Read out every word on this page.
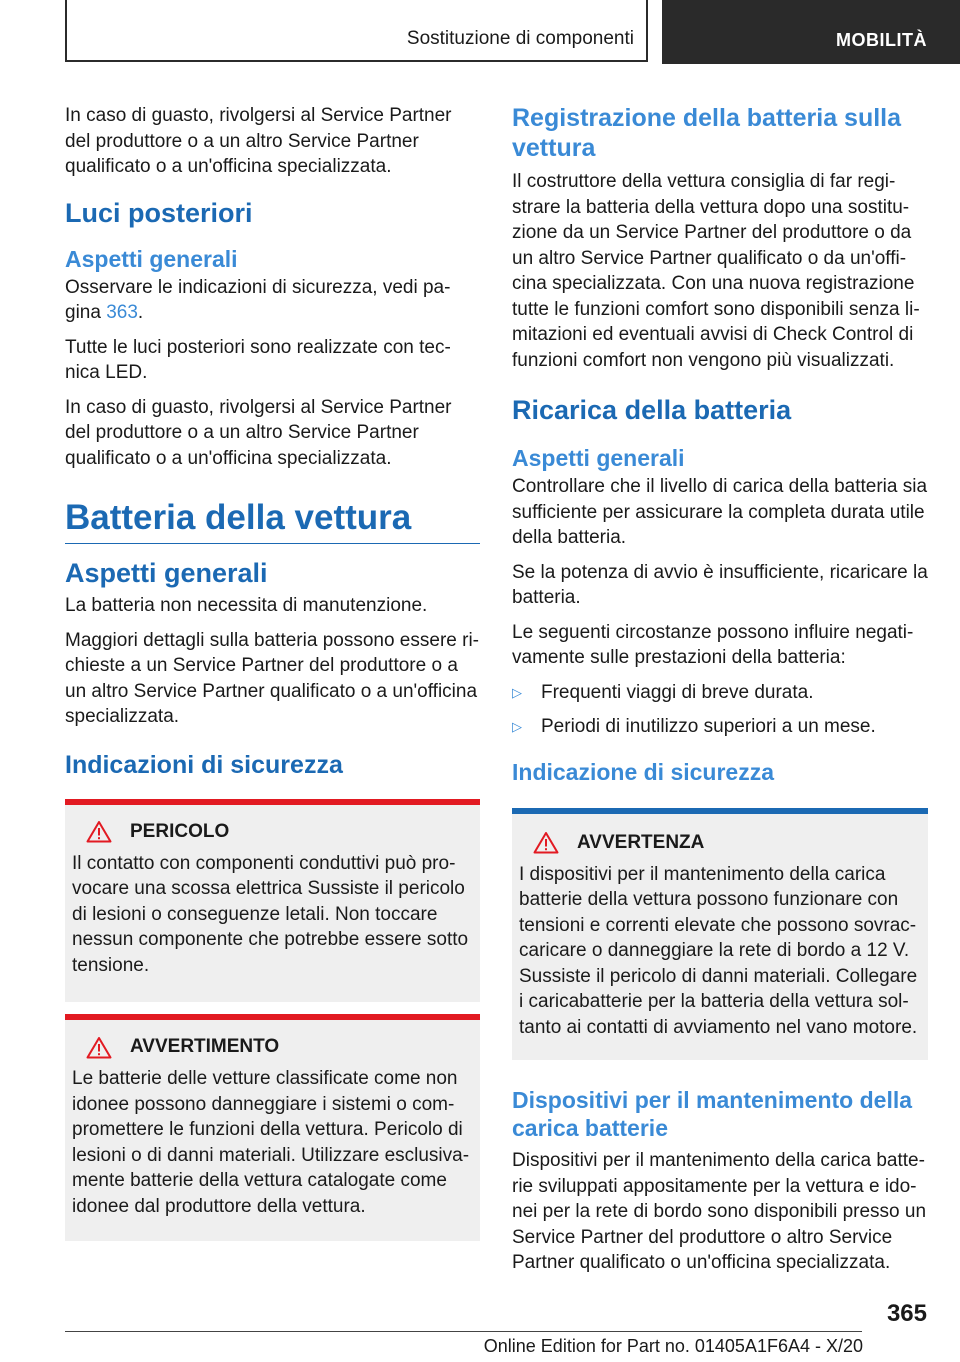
Sostituzione di componenti	MOBILITÀ

In caso di guasto, rivolgersi al Service Partner del produttore o a un altro Service Partner qualificato o a un'officina specializzata.

Luci posteriori
Aspetti generali

Osservare le indicazioni di sicurezza, vedi pa-gina 363.

Tutte le luci posteriori sono realizzate con tec-nica LED.

In caso di guasto, rivolgersi al Service Partner del produttore o a un altro Service Partner qualificato o a un'officina specializzata.

Batteria della vettura
Aspetti generali

La batteria non necessita di manutenzione.

Maggiori dettagli sulla batteria possono essere ri-chieste a un Service Partner del produttore o a un altro Service Partner qualificato o a un'officina specializzata.

Indicazioni di sicurezza
PERICOLO

Il contatto con componenti conduttivi può pro-vocare una scossa elettrica Sussiste il pericolo di lesioni o conseguenze letali. Non toccare nessun componente che potrebbe essere sotto tensione.

AVVERTIMENTO

Le batterie delle vetture classificate come non idonee possono danneggiare i sistemi o com-promettere le funzioni della vettura. Pericolo di lesioni o di danni materiali. Utilizzare esclusiva-mente batterie della vettura catalogate come idonee dal produttore della vettura.

Registrazione della batteria sulla vettura

Il costruttore della vettura consiglia di far regi-strare la batteria della vettura dopo una sostitu-zione da un Service Partner del produttore o da un altro Service Partner qualificato o da un'offi-cina specializzata. Con una nuova registrazione tutte le funzioni comfort sono disponibili senza li-mitazioni ed eventuali avvisi di Check Control di funzioni comfort non vengono più visualizzati.

Ricarica della batteria
Aspetti generali

Controllare che il livello di carica della batteria sia sufficiente per assicurare la completa durata utile della batteria.

Se la potenza di avvio è insufficiente, ricaricare la batteria.

Le seguenti circostanze possono influire negati-vamente sulle prestazioni della batteria:

▷	Frequenti viaggi di breve durata.
▷	Periodi di inutilizzo superiori a un mese.
Indicazione di sicurezza
AVVERTENZA

I dispositivi per il mantenimento della carica batterie della vettura possono funzionare con tensioni e correnti elevate che possono sovrac-caricare o danneggiare la rete di bordo a 12 V. Sussiste il pericolo di danni materiali. Collegare i caricabatterie per la batteria della vettura sol-tanto ai contatti di avviamento nel vano motore.

Dispositivi per il mantenimento della carica batterie

Dispositivi per il mantenimento della carica batte-rie sviluppati appositamente per la vettura e ido-nei per la rete di bordo sono disponibili presso un Service Partner del produttore o altro Service Partner qualificato o un'officina specializzata.

365
Online Edition for Part no. 01405A1F6A4 - X/20
